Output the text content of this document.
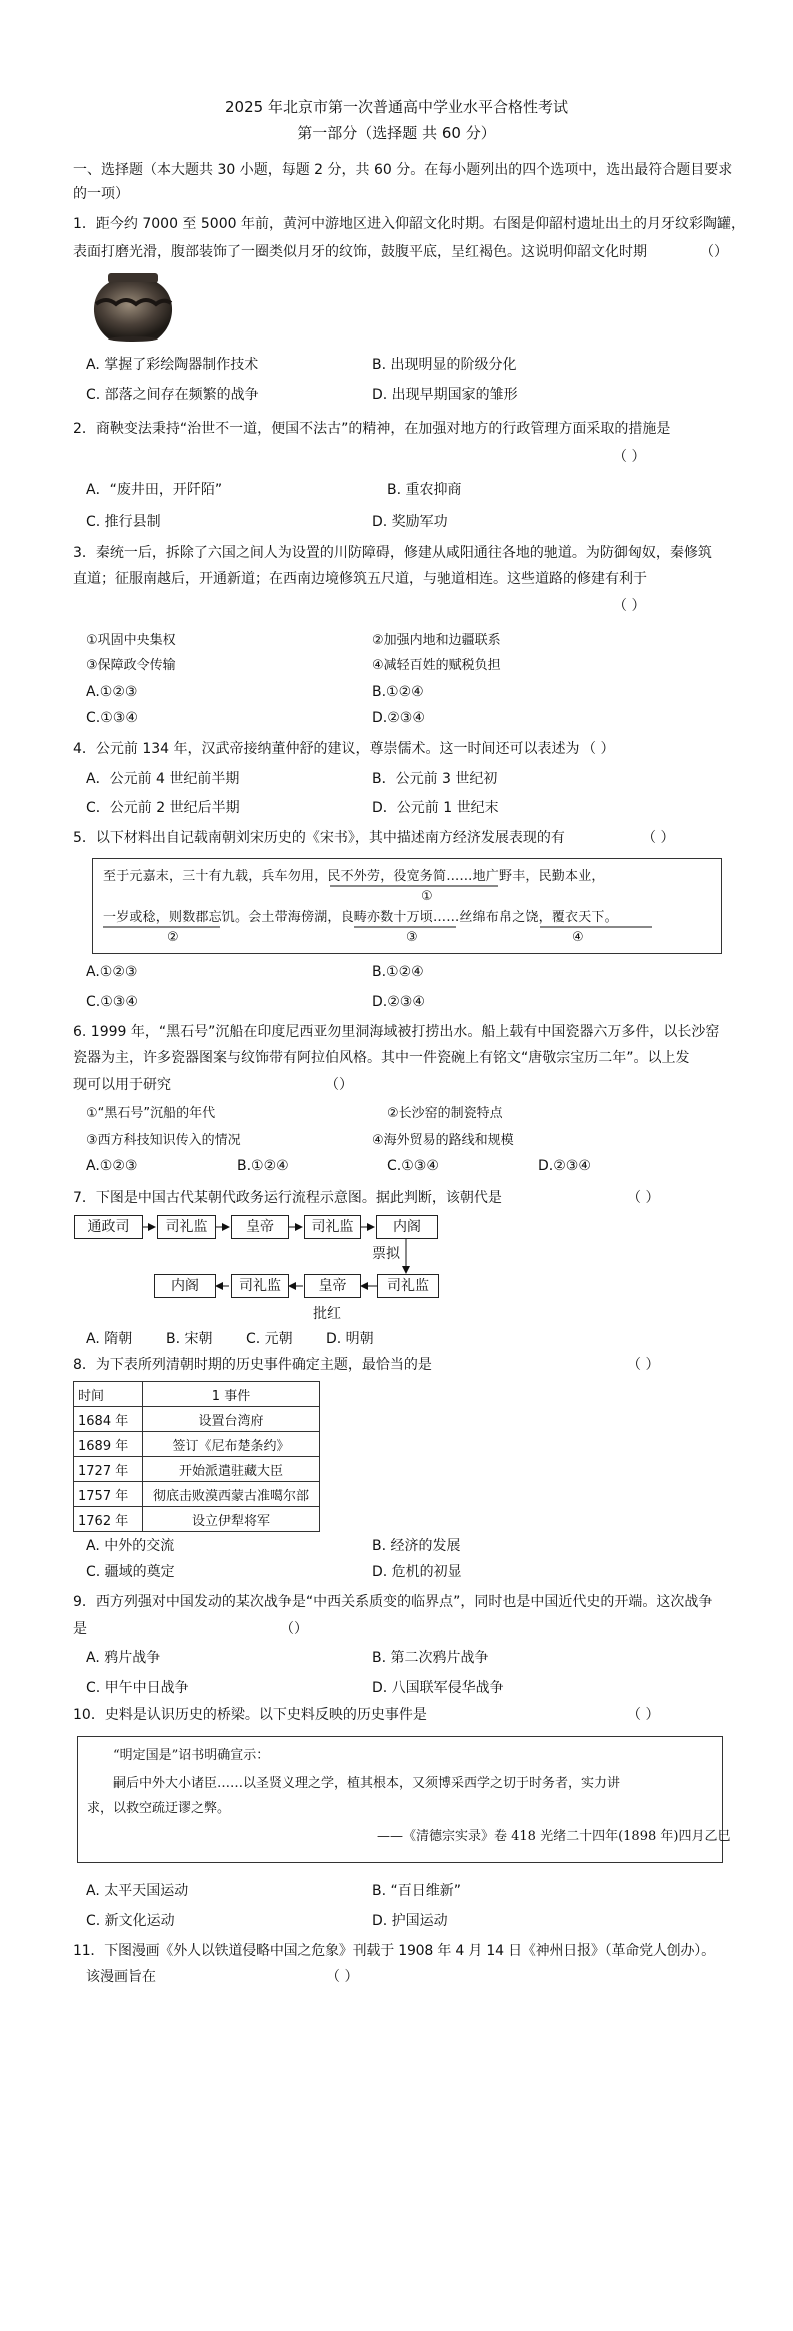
2025 年北京市第一次普通高中学业水平合格性考试
第一部分（选择题 共 60 分）
一、选择题（本大题共 30 小题，每题 2 分，共 60 分。在每小题列出的四个选项中，选出最符合题目要求
的一项）
1．距今约 7000 至 5000 年前，黄河中游地区进入仰韶文化时期。右图是仰韶村遗址出土的月牙纹彩陶罐，
表面打磨光滑，腹部装饰了一圈类似月牙的纹饰，鼓腹平底，呈红褐色。这说明仰韶文化时期	（）
A. 掌握了彩绘陶器制作技术	B. 出现明显的阶级分化
C. 部落之间存在频繁的战争	D. 出现早期国家的雏形
2．商鞅变法秉持“治世不一道，便国不法古”的精神，在加强对地方的行政管理方面采取的措施是
（ ）
A．“废井田，开阡陌”	B. 重农抑商
C. 推行县制	D. 奖励军功
3．秦统一后，拆除了六国之间人为设置的川防障碍，修建从咸阳通往各地的驰道。为防御匈奴，秦修筑
直道；征服南越后，开通新道；在西南边境修筑五尺道，与驰道相连。这些道路的修建有利于
（ ）
①巩固中央集权	②加强内地和边疆联系
③保障政令传输	④减轻百姓的赋税负担
A.①②③	B.①②④
C.①③④	D.②③④
4．公元前 134 年，汉武帝接纳董仲舒的建议，尊崇儒术。这一时间还可以表述为 （ ）
A．公元前 4 世纪前半期	B．公元前 3 世纪初
C．公元前 2 世纪后半期	D．公元前 1 世纪末
5．以下材料出自记载南朝刘宋历史的《宋书》，其中描述南方经济发展表现的有	（ ）
至于元嘉末，三十有九载，兵车勿用，民不外劳，役宽务简……地广野丰，民勤本业，
①
一岁或稔，则数郡忘饥。会土带海傍湖，良畴亦数十万顷……丝绵布帛之饶，覆衣天下。
②	③	④
A.①②③	B.①②④
C.①③④	D.②③④
6. 1999 年，“黑石号”沉船在印度尼西亚勿里洞海域被打捞出水。船上载有中国瓷器六万多件，以长沙窑
瓷器为主，许多瓷器图案与纹饰带有阿拉伯风格。其中一件瓷碗上有铭文“唐敬宗宝历二年”。以上发
现可以用于研究	（）
①“黑石号”沉船的年代	②长沙窑的制瓷特点
③西方科技知识传入的情况	④海外贸易的路线和规模
A.①②③	B.①②④	C.①③④	D.②③④
7．下图是中国古代某朝代政务运行流程示意图。据此判断，该朝代是	（ ）
通政司	司礼监	皇帝	司礼监	内阁
票拟
内阁	司礼监	皇帝	司礼监
批红
A. 隋朝 B. 宋朝 C. 元朝 D. 明朝
8．为下表所列清朝时期的历史事件确定主题，最恰当的是	（ ）
时间	1 事件
1684 年	设置台湾府
1689 年	签订《尼布楚条约》
1727 年	开始派遣驻藏大臣
1757 年	彻底击败漠西蒙古准噶尔部
1762 年	设立伊犁将军
A. 中外的交流	B. 经济的发展
C. 疆域的奠定	D. 危机的初显
9．西方列强对中国发动的某次战争是“中西关系质变的临界点”，同时也是中国近代史的开端。这次战争
是	（）
A. 鸦片战争	B. 第二次鸦片战争
C. 甲午中日战争	D. 八国联军侵华战争
10．史料是认识历史的桥梁。以下史料反映的历史事件是	（ ）
“明定国是”诏书明确宣示：
嗣后中外大小诸臣……以圣贤义理之学，植其根本，又须博采西学之切于时务者，实力讲
求，以救空疏迂谬之弊。
——《清德宗实录》卷 418 光绪二十四年(1898 年)四月乙巳
A. 太平天国运动	B. “百日维新”
C. 新文化运动	D. 护国运动
11．下图漫画《外人以铁道侵略中国之危象》刊载于 1908 年 4 月 14 日《神州日报》（革命党人创办）。
该漫画旨在	（ ）
